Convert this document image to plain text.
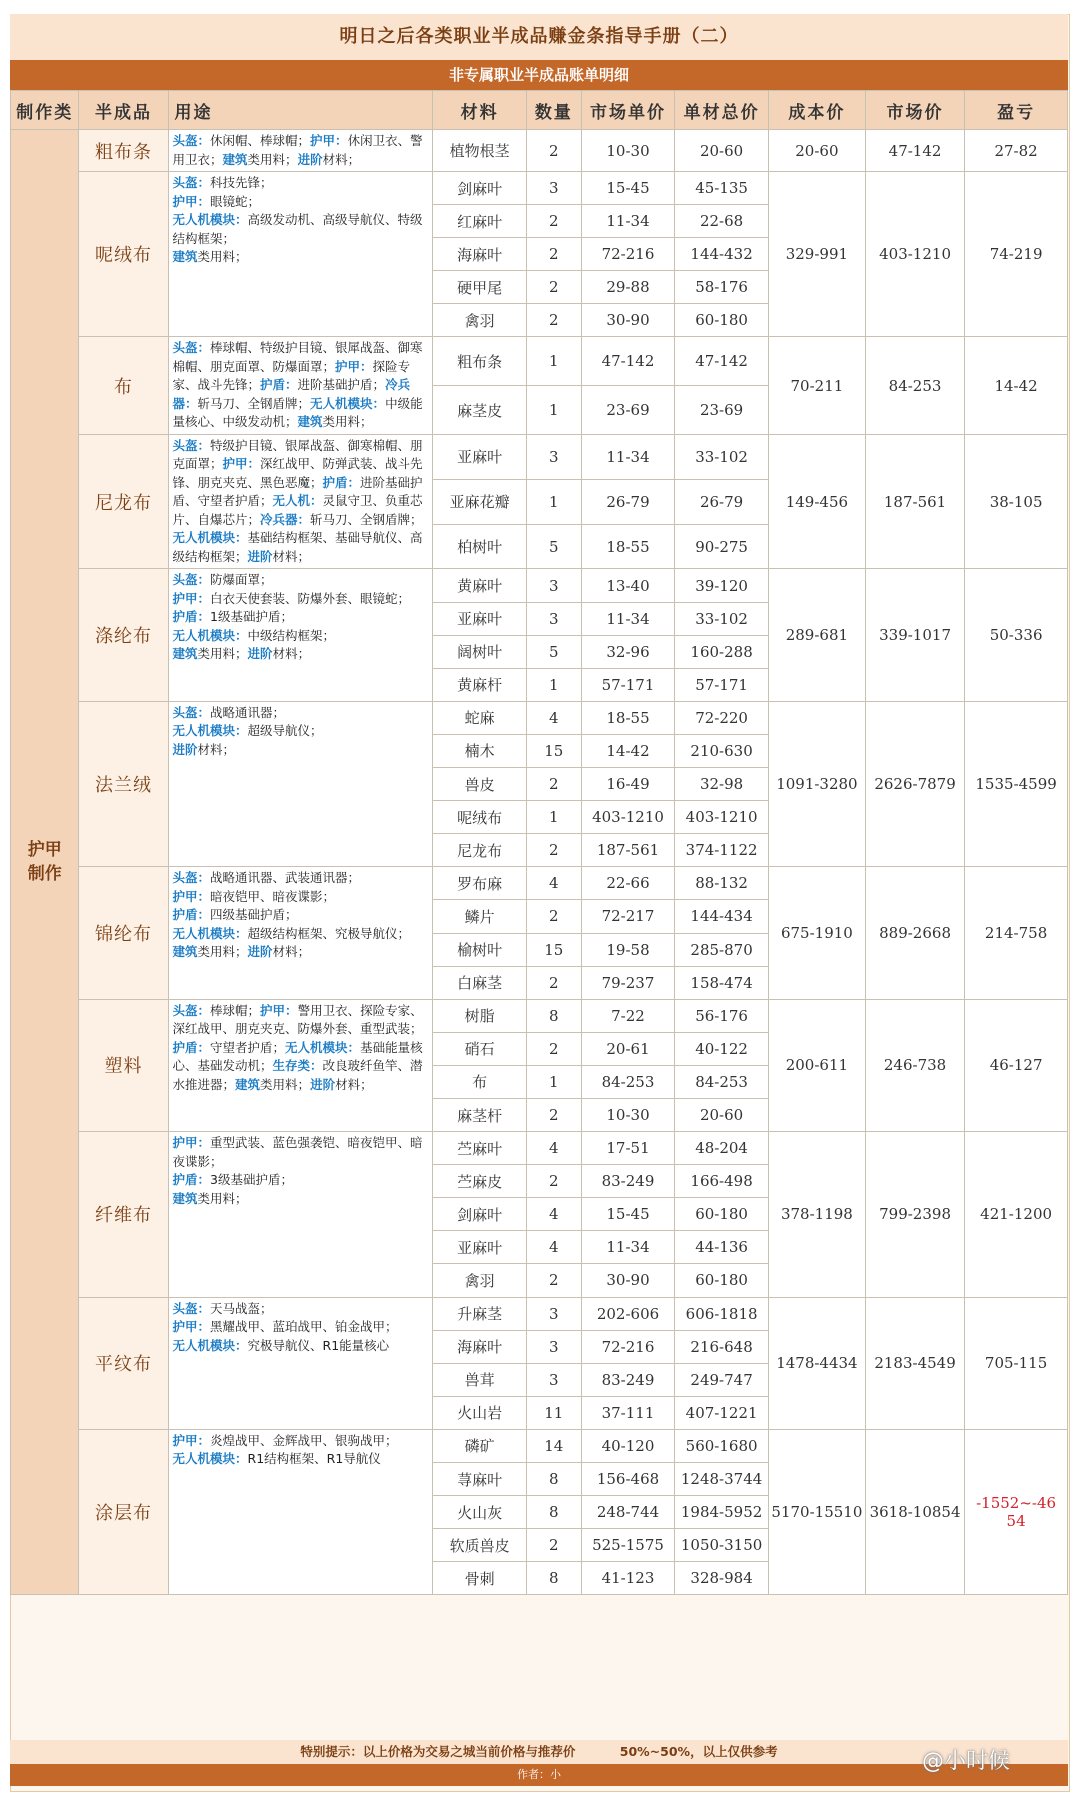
明日之后各类职业半成品赚金条指导手册（二）
非专属职业半成品账单明细
制作类	半成品	用途	材料	数量	市场单价	单材总价	成本价	市场价	盈亏
护甲制作	粗布条	头盔：休闲帽、棒球帽；护甲：休闲卫衣、警用卫衣；建筑类用料；进阶材料；	植物根茎	2	10-30	20-60	20-60	47-142	27-82
	呢绒布	头盔：科技先锋；
护甲：眼镜蛇；
无人机模块：高级发动机、高级导航仪、特级结构框架；
建筑类用料；	剑麻叶	3	15-45	45-135	329-991	403-1210	74-219
			红麻叶	2	11-34	22-68			
			海麻叶	2	72-216	144-432			
			硬甲尾	2	29-88	58-176			
			禽羽	2	30-90	60-180			
	布	头盔：棒球帽、特级护目镜、银犀战盔、御寒棉帽、朋克面罩、防爆面罩；护甲：探险专家、战斗先锋；护盾：进阶基础护盾；冷兵器：斩马刀、全钢盾牌；无人机模块：中级能量核心、中级发动机；建筑类用料；	粗布条	1	47-142	47-142	70-211	84-253	14-42
			麻茎皮	1	23-69	23-69			
	尼龙布	头盔：特级护目镜、银犀战盔、御寒棉帽、朋克面罩；护甲：深红战甲、防弹武装、战斗先锋、朋克夹克、黑色恶魔；护盾：进阶基础护盾、守望者护盾；无人机：灵鼠守卫、负重芯片、自爆芯片；冷兵器：斩马刀、全钢盾牌；无人机模块：基础结构框架、基础导航仪、高级结构框架；进阶材料；	亚麻叶	3	11-34	33-102	149-456	187-561	38-105
			亚麻花瓣	1	26-79	26-79			
			柏树叶	5	18-55	90-275			
	涤纶布	头盔：防爆面罩；
护甲：白衣天使套装、防爆外套、眼镜蛇；
护盾：1级基础护盾；
无人机模块：中级结构框架；
建筑类用料；进阶材料；	黄麻叶	3	13-40	39-120	289-681	339-1017	50-336
			亚麻叶	3	11-34	33-102			
			阔树叶	5	32-96	160-288			
			黄麻杆	1	57-171	57-171			
	法兰绒	头盔：战略通讯器；
无人机模块：超级导航仪；
进阶材料；	蛇麻	4	18-55	72-220	1091-3280	2626-7879	1535-4599
			楠木	15	14-42	210-630			
			兽皮	2	16-49	32-98			
			呢绒布	1	403-1210	403-1210			
			尼龙布	2	187-561	374-1122			
	锦纶布	头盔：战略通讯器、武装通讯器；
护甲：暗夜铠甲、暗夜谍影；
护盾：四级基础护盾；
无人机模块：超级结构框架、究极导航仪；
建筑类用料；进阶材料；	罗布麻	4	22-66	88-132	675-1910	889-2668	214-758
			鳞片	2	72-217	144-434			
			榆树叶	15	19-58	285-870			
			白麻茎	2	79-237	158-474			
	塑料	头盔：棒球帽；护甲：警用卫衣、探险专家、深红战甲、朋克夹克、防爆外套、重型武装；护盾：守望者护盾；无人机模块：基础能量核心、基础发动机；生存类：改良玻纤鱼竿、潜水推进器；建筑类用料；进阶材料；	树脂	8	7-22	56-176	200-611	246-738	46-127
			硝石	2	20-61	40-122			
			布	1	84-253	84-253			
			麻茎杆	2	10-30	20-60			
	纤维布	护甲：重型武装、蓝色强袭铠、暗夜铠甲、暗夜谍影；
护盾：3级基础护盾；
建筑类用料；	苎麻叶	4	17-51	48-204	378-1198	799-2398	421-1200
			苎麻皮	2	83-249	166-498			
			剑麻叶	4	15-45	60-180			
			亚麻叶	4	11-34	44-136			
			禽羽	2	30-90	60-180			
	平纹布	头盔：天马战盔；
护甲：黑耀战甲、蓝珀战甲、铂金战甲；
无人机模块：究极导航仪、R1能量核心	升麻茎	3	202-606	606-1818	1478-4434	2183-4549	705-115
			海麻叶	3	72-216	216-648			
			兽茸	3	83-249	249-747			
			火山岩	11	37-111	407-1221			
	涂层布	护甲：炎煌战甲、金辉战甲、银驹战甲；
无人机模块：R1结构框架、R1导航仪	磷矿	14	40-120	560-1680	5170-15510	3618-10854	-1552~-4654
			荨麻叶	8	156-468	1248-3744			
			火山灰	8	248-744	1984-5952			
			软质兽皮	2	525-1575	1050-3150			
			骨刺	8	41-123	328-984			
特别提示：以上价格为交易之城当前价格与推荐价	50%~50%，以上仅供参考
作者：小
@小时候
